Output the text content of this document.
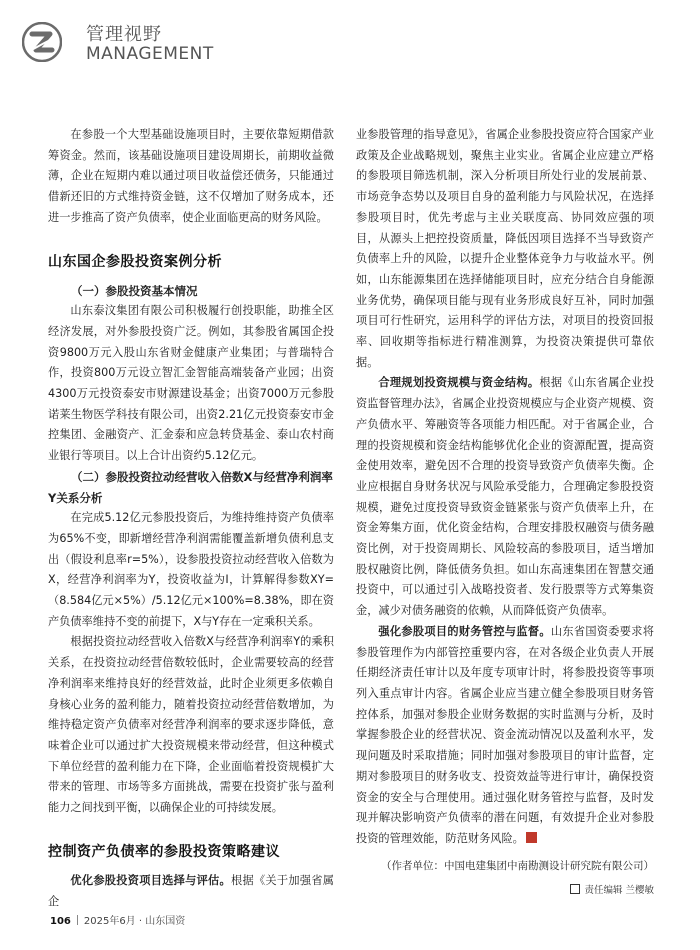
管理视野
MANAGEMENT

在参股一个大型基础设施项目时，主要依靠短期借款筹资金。然而，该基础设施项目建设周期长，前期收益微薄，企业在短期内难以通过项目收益偿还债务，只能通过借新还旧的方式维持资金链，这不仅增加了财务成本，还进一步推高了资产负债率，使企业面临更高的财务风险。

山东国企参股投资案例分析

（一）参股投资基本情况

山东泰汶集团有限公司积极履行创投职能，助推全区经济发展，对外参股投资广泛。例如，其参股省属国企投资9800万元入股山东省财金健康产业集团；与普瑞特合作，投资800万元设立智汇金智能高端装备产业园；出资4300万元投资泰安市财源建设基金；出资7000万元参股诺莱生物医学科技有限公司，出资2.21亿元投资泰安市金控集团、金融资产、汇金泰和应急转贷基金、泰山农村商业银行等项目。以上合计出资约5.12亿元。

（二）参股投资拉动经营收入倍数X与经营净利润率Y关系分析

在完成5.12亿元参股投资后，为维持维持资产负债率为65%不变，即新增经营净利润需能覆盖新增负债利息支出（假设利息率r=5%），设参股投资拉动经营收入倍数为X，经营净利润率为Y，投资收益为I，计算解得参数XY=（8.584亿元×5%）/5.12亿元×100%=8.38%，即在资产负债率维持不变的前提下，X与Y存在一定乘积关系。

根据投资拉动经营收入倍数X与经营净利润率Y的乘积关系，在投资拉动经营倍数较低时，企业需要较高的经营净利润率来维持良好的经营效益，此时企业须更多依赖自身核心业务的盈利能力，随着投资拉动经营倍数增加，为维持稳定资产负债率对经营净利润率的要求逐步降低，意味着企业可以通过扩大投资规模来带动经营，但这种模式下单位经营的盈利能力在下降，企业面临着投资规模扩大带来的管理、市场等多方面挑战，需要在投资扩张与盈利能力之间找到平衡，以确保企业的可持续发展。

控制资产负债率的参股投资策略建议

优化参股投资项目选择与评估。根据《关于加强省属企

业参股管理的指导意见》，省属企业参股投资应符合国家产业政策及企业战略规划，聚焦主业实业。省属企业应建立严格的参股项目筛选机制，深入分析项目所处行业的发展前景、市场竞争态势以及项目自身的盈利能力与风险状况，在选择参股项目时，优先考虑与主业关联度高、协同效应强的项目，从源头上把控投资质量，降低因项目选择不当导致资产负债率上升的风险，以提升企业整体竞争力与收益水平。例如，山东能源集团在选择储能项目时，应充分结合自身能源业务优势，确保项目能与现有业务形成良好互补，同时加强项目可行性研究，运用科学的评估方法，对项目的投资回报率、回收期等指标进行精准测算，为投资决策提供可靠依据。

合理规划投资规模与资金结构。根据《山东省属企业投资监督管理办法》，省属企业投资规模应与企业资产规模、资产负债水平、筹融资等各项能力相匹配。对于省属企业，合理的投资规模和资金结构能够优化企业的资源配置，提高资金使用效率，避免因不合理的投资导致资产负债率失衡。企业应根据自身财务状况与风险承受能力，合理确定参股投资规模，避免过度投资导致资金链紧张与资产负债率上升，在资金筹集方面，优化资金结构，合理安排股权融资与债务融资比例，对于投资周期长、风险较高的参股项目，适当增加股权融资比例，降低债务负担。如山东高速集团在智慧交通投资中，可以通过引入战略投资者、发行股票等方式筹集资金，减少对债务融资的依赖，从而降低资产负债率。

强化参股项目的财务管控与监督。山东省国资委要求将参股管理作为内部管控重要内容，在对各级企业负责人开展任期经济责任审计以及年度专项审计时，将参股投资等事项列入重点审计内容。省属企业应当建立健全参股项目财务管控体系，加强对参股企业财务数据的实时监测与分析，及时掌握参股企业的经营状况、资金流动情况以及盈利水平，发现问题及时采取措施；同时加强对参股项目的审计监督，定期对参股项目的财务收支、投资效益等进行审计，确保投资资金的安全与合理使用。通过强化财务管控与监督，及时发现并解决影响资产负债率的潜在问题，有效提升企业对参股投资的管理效能，防范财务风险。

（作者单位：中国电建集团中南勘测设计研究院有限公司）

责任编辑 兰樱敏
106 2025年6月 · 山东国资
